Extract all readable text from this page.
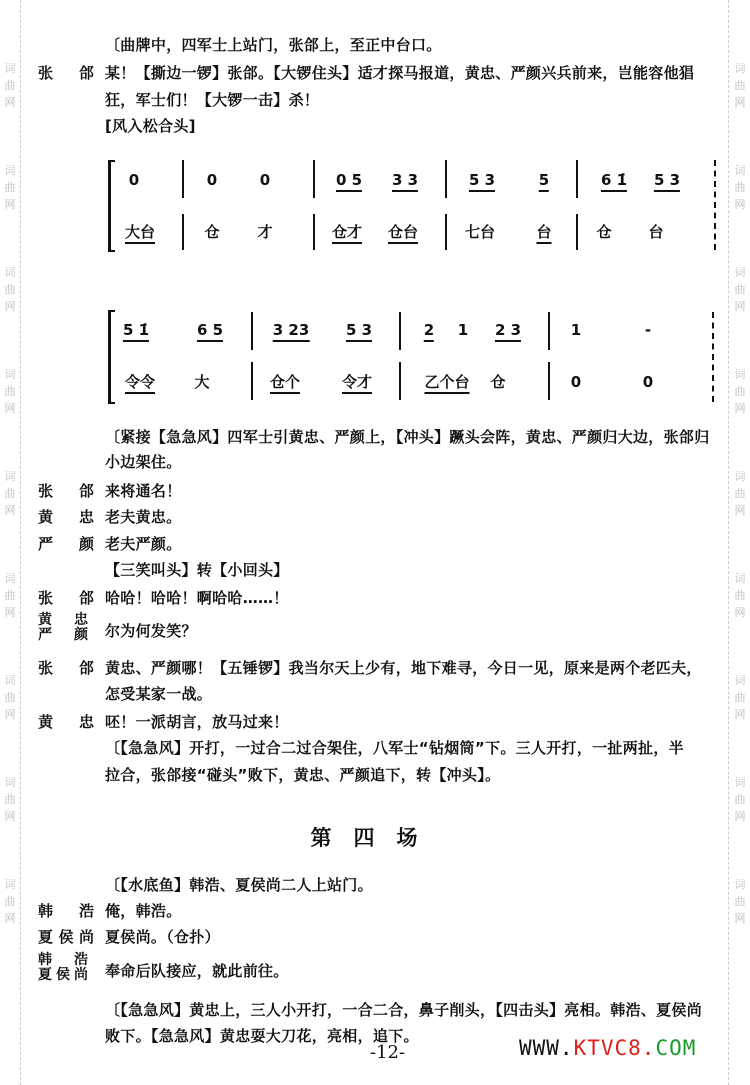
词
曲
网

词
曲
网

词
曲
网

词
曲
网

词
曲
网

词
曲
网

词
曲
网

词
曲
网

词
曲
网
词
曲
网

词
曲
网

词
曲
网

词
曲
网

词
曲
网

词
曲
网

词
曲
网

词
曲
网

词
曲
网
第四场
-12-	WWW.KTVC8.COM
〔曲牌中，四军士上站门，张郃上，至正中台口。
张 郃 某！【撕边一锣】张郃。【大锣住头】适才探马报道，黄忠、严颜兴兵前来，岂能容他猖
狂，军士们！【大锣一击】杀！
[风入松合头]
〔紧接【急急风】四军士引黄忠、严颜上，【冲头】蹶头会阵，黄忠、严颜归大边，张郃归
小边架住。
张 郃 来将通名！
黄 忠 老夫黄忠。
严 颜 老夫严颜。
【三笑叫头】转【小回头】
张 郃 哈哈！哈哈！啊哈哈……！
黄 忠
严 颜 尔为何发笑？
张 郃 黄忠、严颜哪！【五锤锣】我当尔天上少有，地下难寻，今日一见，原来是两个老匹夫，
怎受某家一战。
黄 忠 呸！一派胡言，放马过来！
〔【急急风】开打，一过合二过合架住，八军士“钻烟筒”下。三人开打，一扯两扯，半
拉合，张郃接“碰头”败下，黄忠、严颜追下，转【冲头】。
〔【水底鱼】韩浩、夏侯尚二人上站门。
韩 浩 俺，韩浩。
夏侯尚 夏侯尚。（仓扑）
韩 浩
夏侯尚 奉命后队接应，就此前往。
〔【急急风】黄忠上，三人小开打，一合二合，鼻子削头，【四击头】亮相。韩浩、夏侯尚
败下。【急急风】黄忠耍大刀花，亮相，追下。
0	0	0	0 5 3 3	5 3	5	6 1̇ 5 3
大台	仓	才	仓才 仓台	七台	台	仓 台
5 1̇	6 5	3 23 5 3	2 1 2 3	1	-
令令	大	仓个	令才	乙个台 仓	0	0
